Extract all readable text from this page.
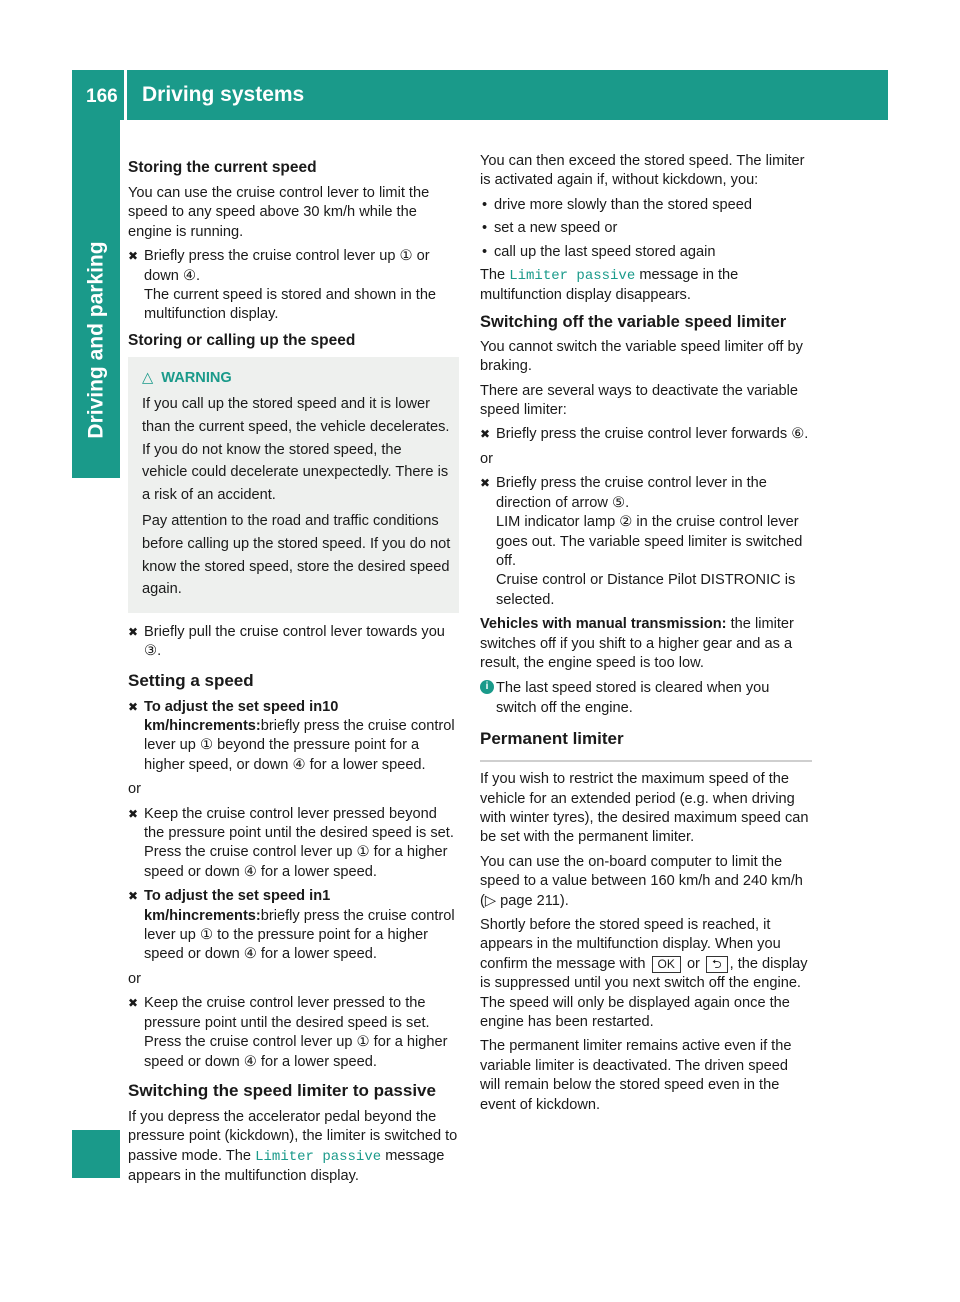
166 Driving systems
Driving and parking
Storing the current speed

You can use the cruise control lever to limit the speed to any speed above 30 km/h while the engine is running.

✖ Briefly press the cruise control lever up ① or down ④.
The current speed is stored and shown in the multifunction display.
Storing or calling up the speed
△ WARNING

If you call up the stored speed and it is lower than the current speed, the vehicle decelerates. If you do not know the stored speed, the vehicle could decelerate unexpectedly. There is a risk of an accident.

Pay attention to the road and traffic conditions before calling up the stored speed. If you do not know the stored speed, store the desired speed again.

✖ Briefly pull the cruise control lever towards you ③.
Setting a speed
✖ To adjust the set speed in10 km/hincrements:briefly press the cruise control lever up ① beyond the pressure point for a higher speed, or down ④ for a lower speed.

or

✖ Keep the cruise control lever pressed beyond the pressure point until the desired speed is set. Press the cruise control lever up ① for a higher speed or down ④ for a lower speed.
✖ To adjust the set speed in1 km/hincrements:briefly press the cruise control lever up ① to the pressure point for a higher speed or down ④ for a lower speed.

or

✖ Keep the cruise control lever pressed to the pressure point until the desired speed is set. Press the cruise control lever up ① for a higher speed or down ④ for a lower speed.
Switching the speed limiter to passive

If you depress the accelerator pedal beyond the pressure point (kickdown), the limiter is switched to passive mode. The Limiter passive message appears in the multifunction display.

You can then exceed the stored speed. The limiter is activated again if, without kickdown, you:

• drive more slowly than the stored speed
• set a new speed or
• call up the last speed stored again

The Limiter passive message in the multifunction display disappears.

Switching off the variable speed limiter

You cannot switch the variable speed limiter off by braking.

There are several ways to deactivate the variable speed limiter:

✖ Briefly press the cruise control lever forwards ⑥.

or

✖ Briefly press the cruise control lever in the direction of arrow ⑤.
LIM indicator lamp ② in the cruise control lever goes out. The variable speed limiter is switched off.
Cruise control or Distance Pilot DISTRONIC is selected.

Vehicles with manual transmission: the limiter switches off if you shift to a higher gear and as a result, the engine speed is too low.

i The last speed stored is cleared when you switch off the engine.
Permanent limiter

If you wish to restrict the maximum speed of the vehicle for an extended period (e.g. when driving with winter tyres), the desired maximum speed can be set with the permanent limiter.

You can use the on-board computer to limit the speed to a value between 160 km/h and 240 km/h (▷ page 211).

Shortly before the stored speed is reached, it appears in the multifunction display. When you confirm the message with OK or ⮌ , the display is suppressed until you next switch off the engine. The speed will only be displayed again once the engine has been restarted.

The permanent limiter remains active even if the variable limiter is deactivated. The driven speed will remain below the stored speed even in the event of kickdown.
